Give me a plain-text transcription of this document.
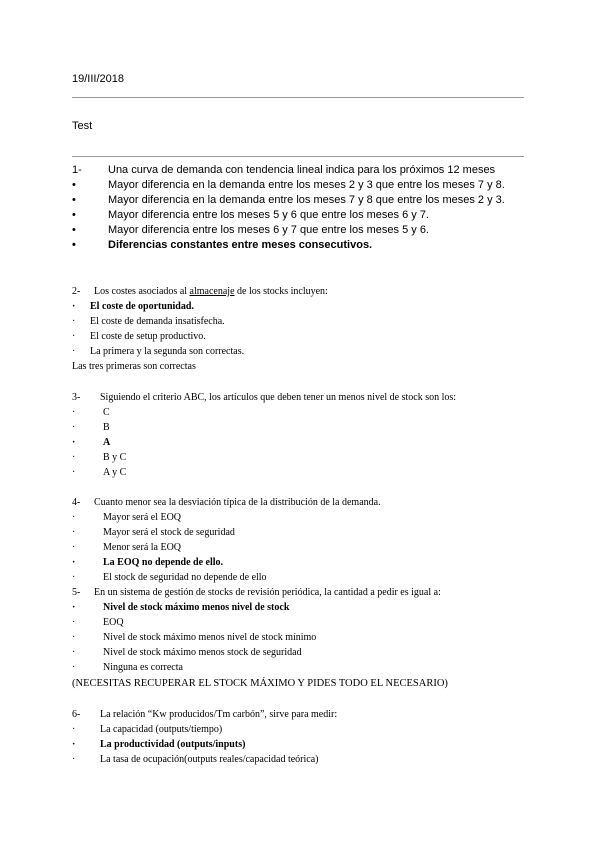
19/III/2018
Test
1- Una curva de demanda con tendencia lineal indica para los próximos 12 meses
•	Mayor diferencia en la demanda entre los meses 2 y 3 que entre los meses 7 y 8.
•	Mayor diferencia en la demanda entre los meses 7 y 8 que entre los meses 2 y 3.
•	Mayor diferencia entre los meses 5 y 6 que entre los meses 6 y 7.
•	Mayor diferencia entre los meses 6 y 7 que entre los meses 5 y 6.
•	Diferencias constantes entre meses consecutivos.
2- Los costes asociados al almacenaje de los stocks incluyen:
· El coste de oportunidad.
· El coste de demanda insatisfecha.
· El coste de setup productivo.
· La primera y la segunda son correctas.
Las tres primeras son correctas
3- Siguiendo el criterio ABC, los artículos que deben tener un menos nivel de stock son los:
·	C
·	B
·	A
·	B y C
·	A y C
4- Cuanto menor sea la desviación típica de la distribución de la demanda.
·	Mayor será el EOQ
·	Mayor será el stock de seguridad
·	Menor será la EOQ
·	La EOQ no depende de ello.
·	El stock de seguridad no depende de ello
5- En un sistema de gestión de stocks de revisión periódica, la cantidad a pedir es igual a:
·	Nivel de stock máximo menos nivel de stock
·	EOQ
·	Nivel de stock máximo menos nivel de stock mínimo
·	Nivel de stock máximo menos stock de seguridad
·	Ninguna es correcta
(NECESITAS RECUPERAR EL STOCK MÁXIMO Y PIDES TODO EL NECESARIO)
6- La relación “Kw producidos/Tm carbón”, sirve para medir:
· La capacidad (outputs/tiempo)
· La productividad (outputs/inputs)
· La tasa de ocupación(outputs reales/capacidad teórica)
